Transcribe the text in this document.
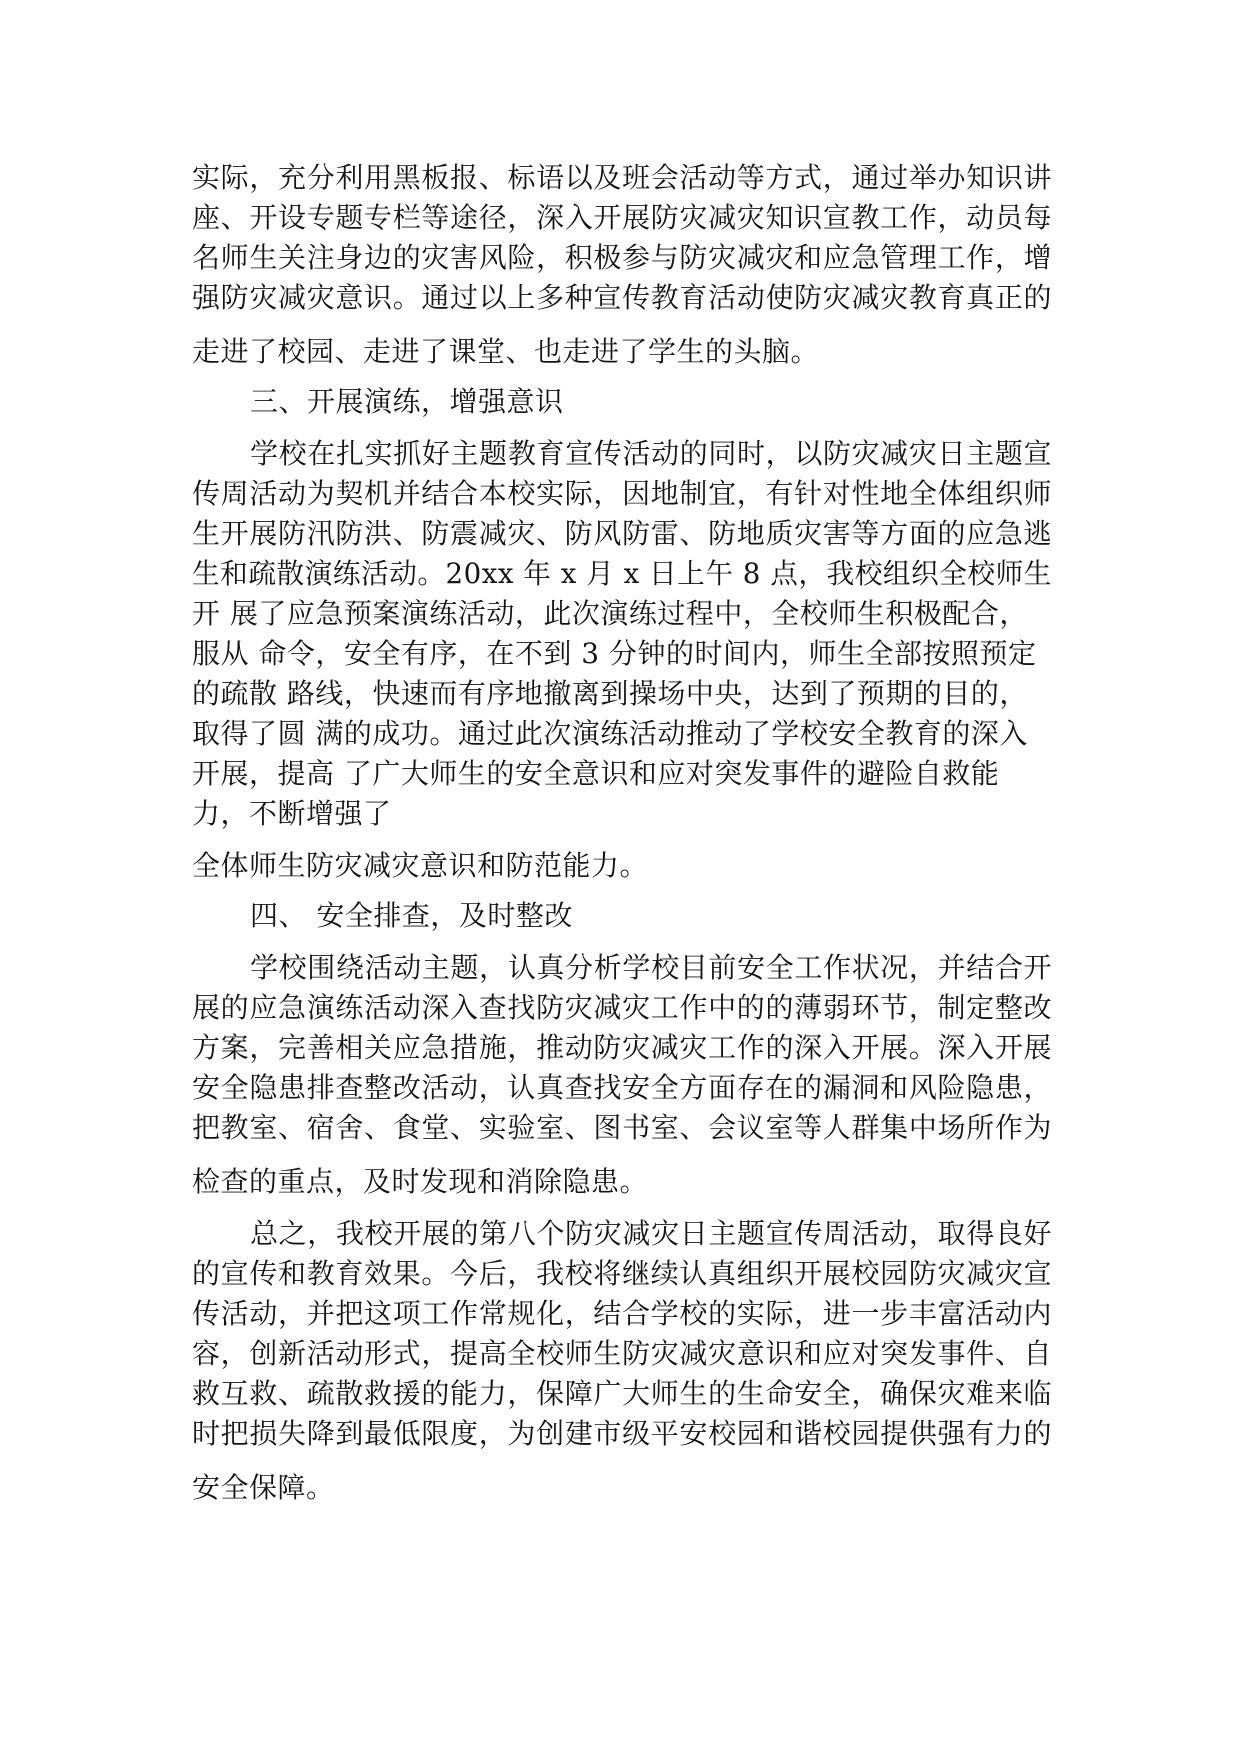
实际，充分利用黑板报、标语以及班会活动等方式，通过举办知识讲
座、开设专题专栏等途径，深入开展防灾减灾知识宣教工作，动员每
名师生关注身边的灾害风险，积极参与防灾减灾和应急管理工作，增
强防灾减灾意识。通过以上多种宣传教育活动使防灾减灾教育真正的
走进了校园、走进了课堂、也走进了学生的头脑。
三、开展演练，增强意识
学校在扎实抓好主题教育宣传活动的同时，以防灾减灾日主题宣
传周活动为契机并结合本校实际，因地制宜，有针对性地全体组织师
生开展防汛防洪、防震减灾、防风防雷、防地质灾害等方面的应急逃
生和疏散演练活动。20xx 年 x 月 x 日上午 8 点，我校组织全校师生
开 展了应急预案演练活动，此次演练过程中，全校师生积极配合，
服从 命令，安全有序，在不到 3 分钟的时间内，师生全部按照预定
的疏散 路线，快速而有序地撤离到操场中央，达到了预期的目的，
取得了圆 满的成功。通过此次演练活动推动了学校安全教育的深入
开展，提高 了广大师生的安全意识和应对突发事件的避险自救能
力，不断增强了
全体师生防灾减灾意识和防范能力。
四、 安全排查，及时整改
学校围绕活动主题，认真分析学校目前安全工作状况，并结合开
展的应急演练活动深入查找防灾减灾工作中的的薄弱环节，制定整改
方案，完善相关应急措施，推动防灾减灾工作的深入开展。深入开展
安全隐患排查整改活动，认真查找安全方面存在的漏洞和风险隐患，
把教室、宿舍、食堂、实验室、图书室、会议室等人群集中场所作为
检查的重点，及时发现和消除隐患。
总之，我校开展的第八个防灾减灾日主题宣传周活动，取得良好
的宣传和教育效果。今后，我校将继续认真组织开展校园防灾减灾宣
传活动，并把这项工作常规化，结合学校的实际，进一步丰富活动内
容，创新活动形式，提高全校师生防灾减灾意识和应对突发事件、自
救互救、疏散救援的能力，保障广大师生的生命安全，确保灾难来临
时把损失降到最低限度，为创建市级平安校园和谐校园提供强有力的
安全保障。
